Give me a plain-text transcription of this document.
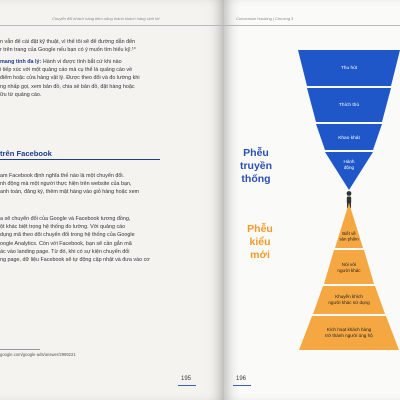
Chuyển đổi khách hàng tiềm năng thành khách hàng sinh lời
n vẫn để cài đặt kỹ thuật, vì thế tôi sẽ để đường dẫn đến
r trên trang của Google nếu bạn có ý muốn tìm hiểu kỹ.¹⁰
mang tính đa lý: Hành vi được tính bắt cứ khi nào
i tiếp xúc với một quảng cáo mà cụ thể là quảng cáo về
điểm hoặc cửa hàng vật lý. Được theo đổi và đo lường khi
ng nhấp gọi, xem bản đồ, chia sẻ bản đồ, đặt hàng hoặc
ữu từ quảng cáo.
trên Facebook
am Facebook định nghĩa thế nào là một chuyển đổi.
nh động mà một người thực hiện trên website của bạn,
anh toán, đăng ký, thêm mặt hàng vào giỏ hàng hoặc xem
a sẽ chuyển đổi của Google và Facebook tương đồng,
ột khác biệt trọng hệ thống đo lường. Với quảng cáo
dụng mã theo dõi chuyển đổi trong hệ thống của Google
oogle Analytics. Còn với Facebook, bạn sẽ cần gắn mã
ác vào landing page. Từ đó, khi có sự kiện chuyển đổi
ng page, dữ liệu Facebook sẽ tự động cập nhật và đưa vào cơ
google.com/google-ads/answer/2999221
195
Conversion Hacking | Chương 3
Thu hút
Thích thú
Khao khát
Hành động
Biết về sản phẩm
Nói với người khác
Khuyến khích người khác sử dụng
Kích hoạt khách hàng trở thành người ủng hộ
Phễu truyền thống
Phễu kiểu mới
196
